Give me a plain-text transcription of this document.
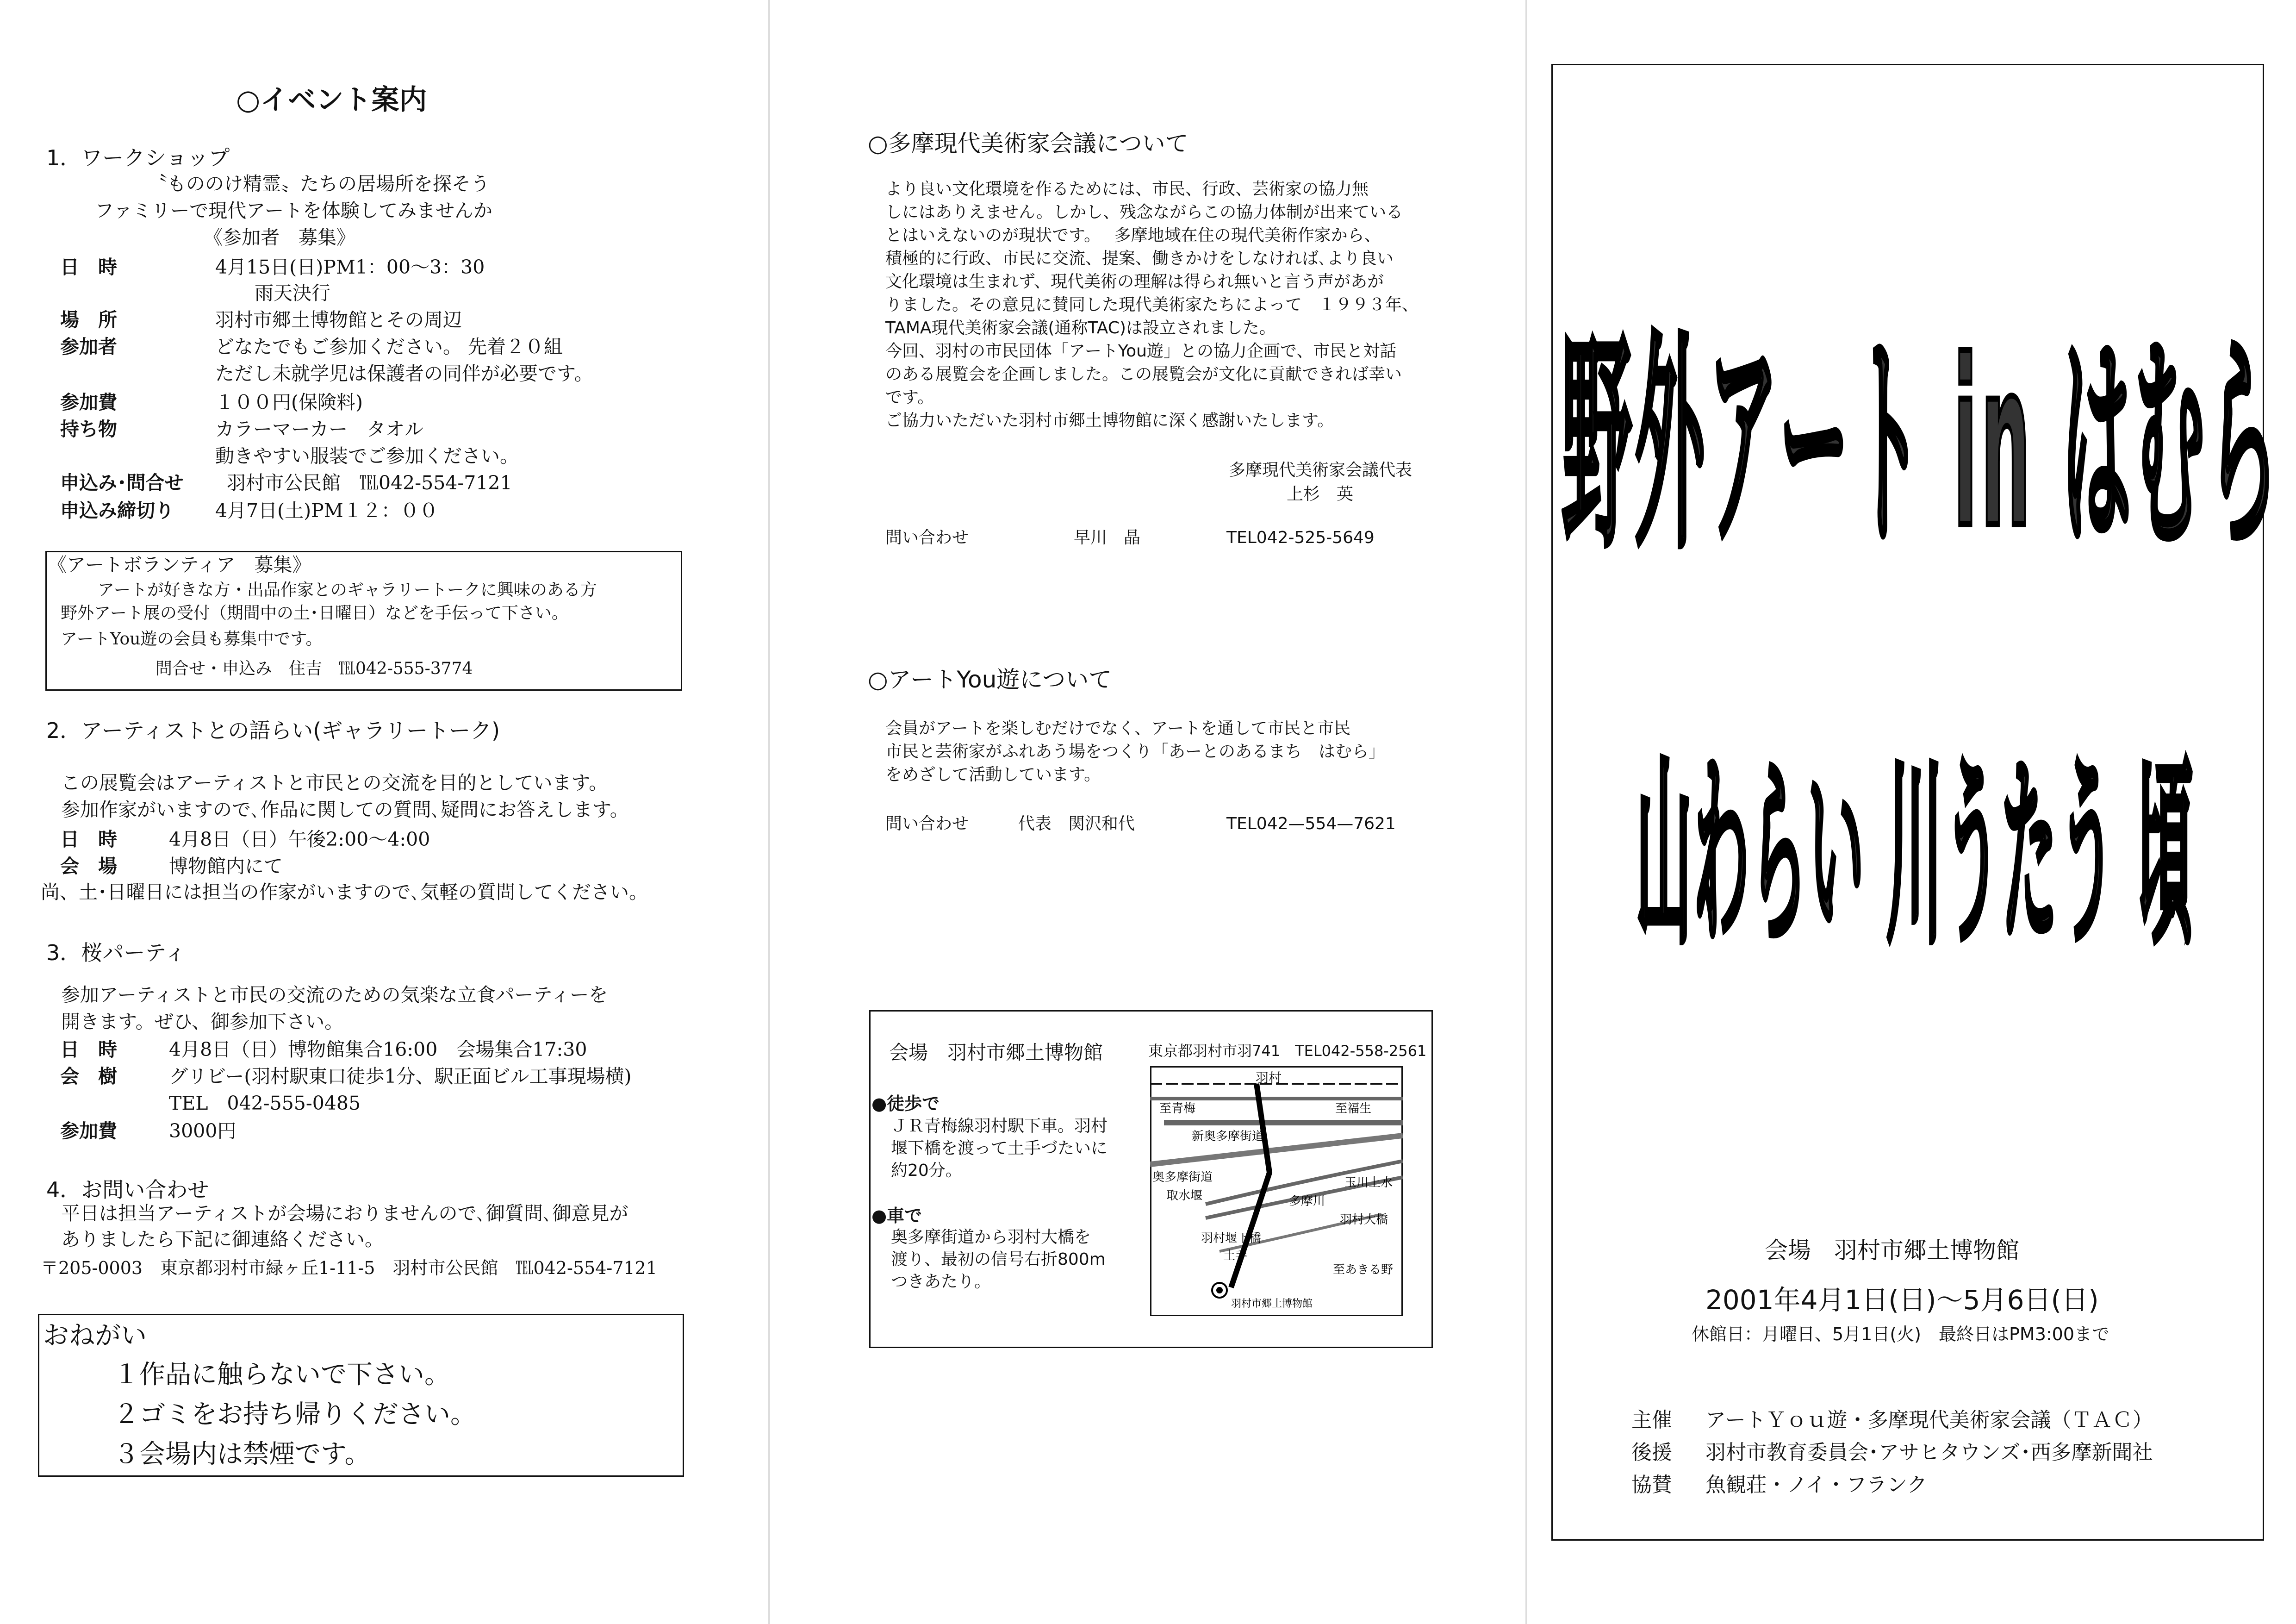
○イベント案内
1．ワークショップ
〝もののけ精霊〟たちの居場所を探そう
ファミリーで現代アートを体験してみませんか
《参加者　募集》
日　時	4月15日(日)PM1：00～3：30
雨天決行
場　所	羽村市郷土博物館とその周辺
参加者	どなたでもご参加ください。 先着２０組
ただし未就学児は保護者の同伴が必要です。
参加費	１００円(保険料)
持ち物	カラーマーカー　タオル
動きやすい服装でご参加ください。
申込み･問合せ 羽村市公民館　℡042-554-7121
申込み締切り 4月7日(土)PM１２：００
《アートボランティア　募集》
アートが好きな方・出品作家とのギャラリートークに興味のある方
野外アート展の受付（期間中の土･日曜日）などを手伝って下さい。
アートYou遊の会員も募集中です。
問合せ・申込み　住吉　℡042-555-3774
2．アーティストとの語らい(ギャラリートーク)
この展覧会はアーティストと市民との交流を目的としています。
参加作家がいますので､作品に関しての質問､疑問にお答えします。
日　時	4月8日（日）午後2:00～4:00
会　場	博物館内にて
尚、土･日曜日には担当の作家がいますので､気軽の質問してください。
3．桜パーティ
参加アーティストと市民の交流のための気楽な立食パーティーを
開きます。ぜひ、御参加下さい。
日　時	4月8日（日）博物館集合16:00　会場集合17:30
会　樹	グリビー(羽村駅東口徒歩1分、駅正面ビル工事現場横)
TEL　042-555-0485
参加費	3000円
4．お問い合わせ
平日は担当アーティストが会場におりませんので､御質問､御意見が
ありましたら下記に御連絡ください。
〒205-0003　東京都羽村市緑ヶ丘1-11-5　羽村市公民館　℡042-554-7121
おねがい
１作品に触らないで下さい。
２ゴミをお持ち帰りください。
３会場内は禁煙です。
○多摩現代美術家会議について
より良い文化環境を作るためには、市民、行政、芸術家の協力無
しにはありえません。しかし、残念ながらこの協力体制が出来ている
とはいえないのが現状です。　 多摩地域在住の現代美術作家から、
積極的に行政、市民に交流、提案、働きかけをしなければ､より良い
文化環境は生まれず、現代美術の理解は得られ無いと言う声があが
りました。その意見に賛同した現代美術家たちによって　１９９３年、
TAMA現代美術家会議(通称TAC)は設立されました。
今回、羽村の市民団体「アートYou遊」との協力企画で、市民と対話
のある展覧会を企画しました。この展覧会が文化に貢献できれば幸い
です。
ご協力いただいた羽村市郷土博物館に深く感謝いたします。
多摩現代美術家会議代表
上杉　英
問い合わせ	早川　晶	TEL042-525-5649
○アートYou遊について
会員がアートを楽しむだけでなく、アートを通して市民と市民
市民と芸術家がふれあう場をつくり「あーとのあるまち　はむら」
をめざして活動しています。
問い合わせ	代表　関沢和代	TEL042—554—7621
会場　羽村市郷土博物館	東京都羽村市羽741　TEL042-558-2561
●徒歩で
ＪＲ青梅線羽村駅下車。羽村
堰下橋を渡って土手づたいに
約20分。
●車で
奥多摩街道から羽村大橋を
渡り、最初の信号右折800m
つきあたり。
羽村
至青梅	至福生
新奥多摩街道
奥多摩街道	玉川上水
取水堰	多摩川
羽村大橋
羽村堰下橋
土手
至あきる野
羽村市郷土博物館
野外アート in はむら
山わらい 川うたう 頃
会場　羽村市郷土博物館
2001年4月1日(日)～5月6日(日)
休館日：月曜日、5月1日(火)　最終日はPM3:00まで
主催 アートＹｏｕ遊・多摩現代美術家会議（ＴＡＣ）
後援 羽村市教育委員会･アサヒタウンズ･西多摩新聞社
協賛 魚観荘・ノイ・フランク
